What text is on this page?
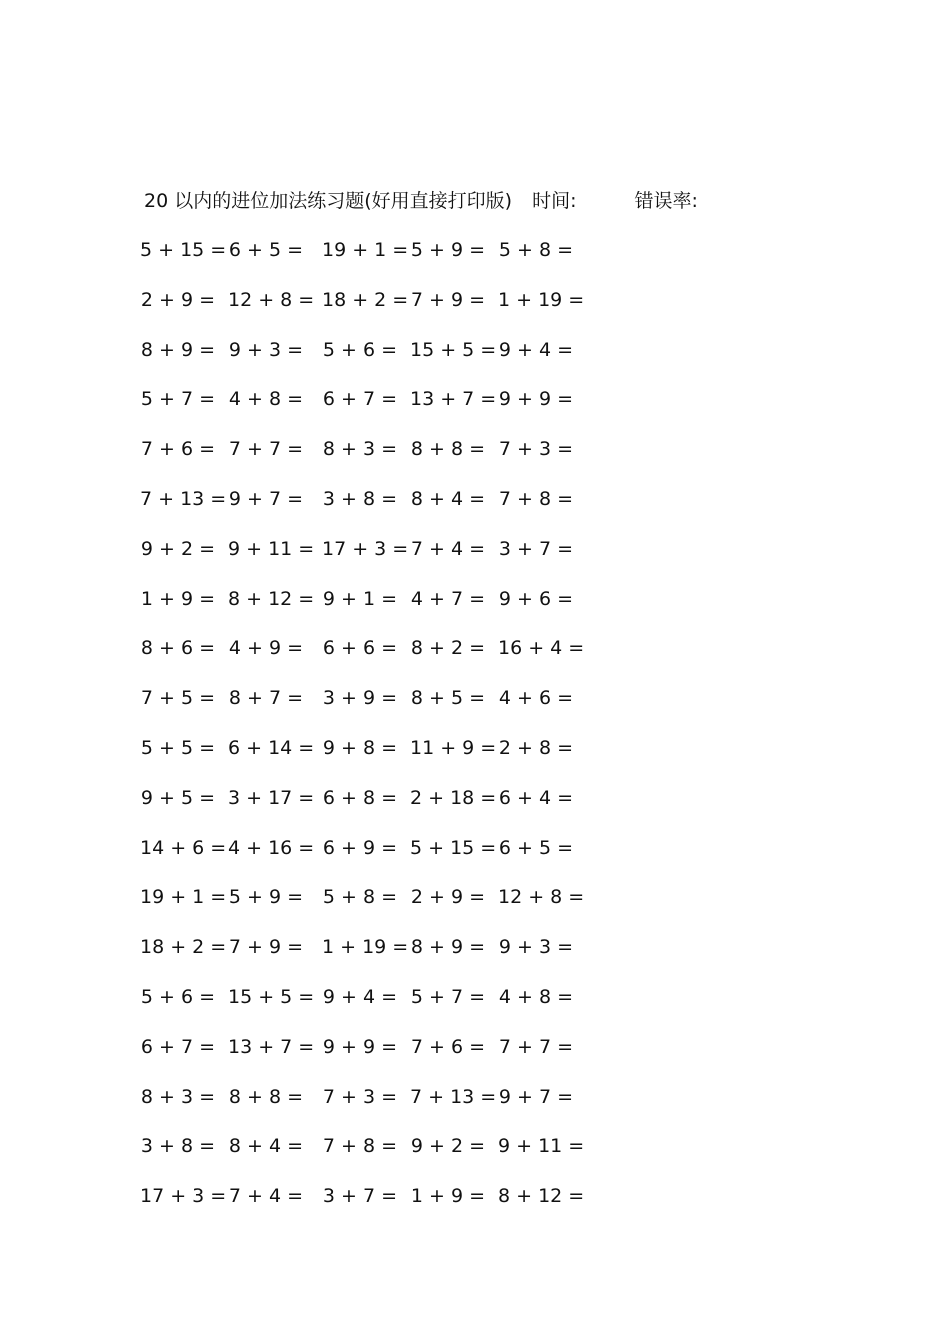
20 以内的进位加法练习题(好用直接打印版) 时间:	错误率:
5 + 15 = 6 + 5 = 19 + 1 = 5 + 9 = 5 + 8 =
2 + 9 = 12 + 8 = 18 + 2 = 7 + 9 = 1 + 19 =
8 + 9 = 9 + 3 = 5 + 6 = 15 + 5 = 9 + 4 =
5 + 7 = 4 + 8 = 6 + 7 = 13 + 7 = 9 + 9 =
7 + 6 = 7 + 7 = 8 + 3 = 8 + 8 = 7 + 3 =
7 + 13 = 9 + 7 = 3 + 8 = 8 + 4 = 7 + 8 =
9 + 2 = 9 + 11 = 17 + 3 = 7 + 4 = 3 + 7 =
1 + 9 = 8 + 12 = 9 + 1 = 4 + 7 = 9 + 6 =
8 + 6 = 4 + 9 = 6 + 6 = 8 + 2 = 16 + 4 =
7 + 5 = 8 + 7 = 3 + 9 = 8 + 5 = 4 + 6 =
5 + 5 = 6 + 14 = 9 + 8 = 11 + 9 = 2 + 8 =
9 + 5 = 3 + 17 = 6 + 8 = 2 + 18 = 6 + 4 =
14 + 6 = 4 + 16 = 6 + 9 = 5 + 15 = 6 + 5 =
19 + 1 = 5 + 9 = 5 + 8 = 2 + 9 = 12 + 8 =
18 + 2 = 7 + 9 = 1 + 19 = 8 + 9 = 9 + 3 =
5 + 6 = 15 + 5 = 9 + 4 = 5 + 7 = 4 + 8 =
6 + 7 = 13 + 7 = 9 + 9 = 7 + 6 = 7 + 7 =
8 + 3 = 8 + 8 = 7 + 3 = 7 + 13 = 9 + 7 =
3 + 8 = 8 + 4 = 7 + 8 = 9 + 2 = 9 + 11 =
17 + 3 = 7 + 4 = 3 + 7 = 1 + 9 = 8 + 12 =
